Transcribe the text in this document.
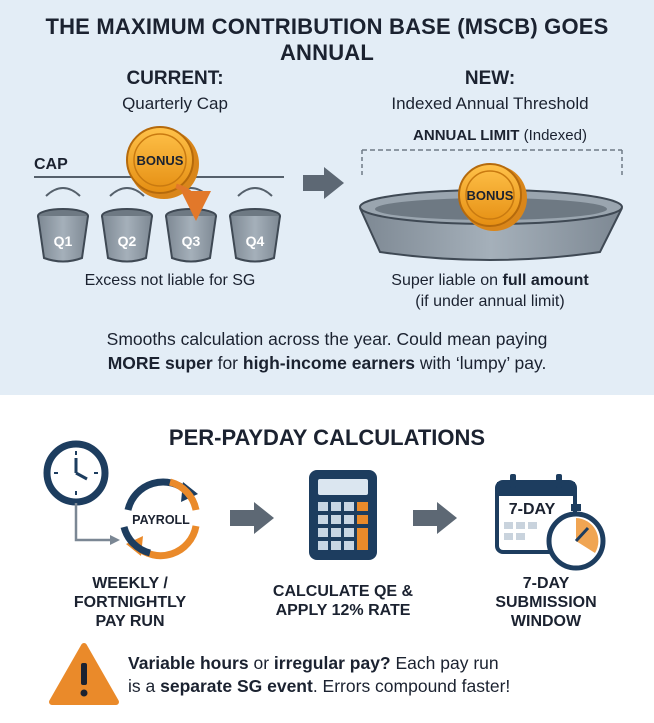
Q1	Q2	Q3	Q4
BONUS
BONUS
PAYROLL
7-DAY
THE MAXIMUM CONTRIBUTION BASE (MSCB) GOES ANNUAL
CURRENT:
Quarterly Cap
CAP
Excess not liable for SG
NEW:
Indexed Annual Threshold
ANNUAL LIMIT (Indexed)
Super liable on full amount
(if under annual limit)
Smooths calculation across the year. Could mean paying
MORE super for high-income earners with ‘lumpy’ pay.
PER-PAYDAY CALCULATIONS
WEEKLY /
FORTNIGHTLY
PAY RUN
CALCULATE QE &
APPLY 12% RATE
7-DAY
SUBMISSION
WINDOW
Variable hours or irregular pay? Each pay run
is a separate SG event. Errors compound faster!
